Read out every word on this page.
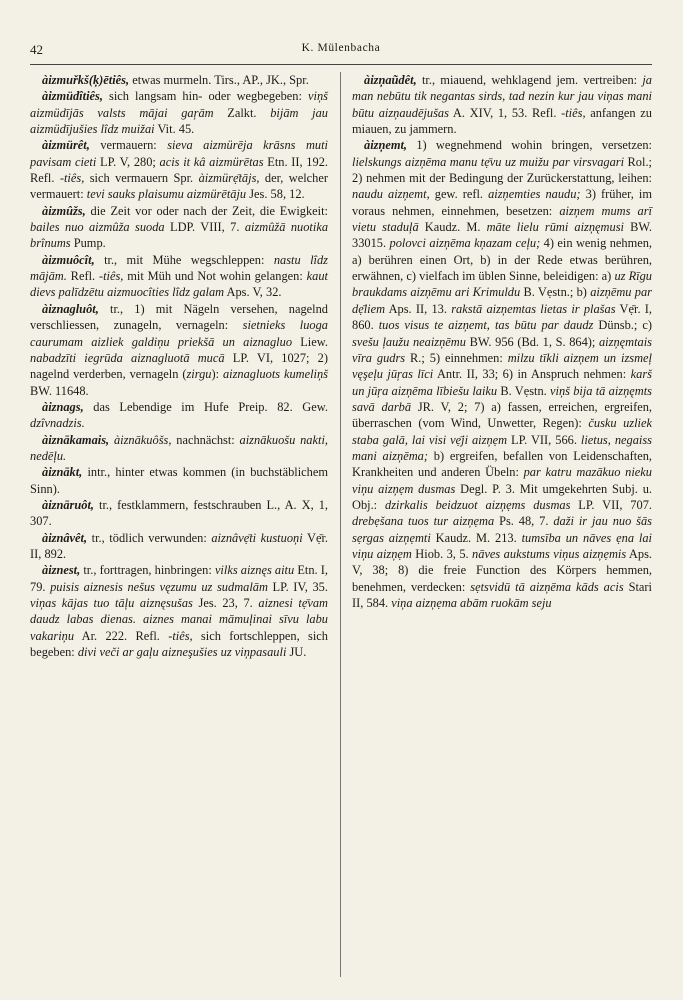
42	K. Mülenbacha

àizmuřkš(ķ)ētiês, etwas murmeln. Tirs., AP., JK., Spr.

àizmüdîtiês, sich langsam hin- oder wegbegeben: viņš aizmüdījās valsts mājai gaŗām Zalkt. bijām jau aizmüdījušies lîdz muižai Vit. 45.

àizmürêt, vermauern: sieva aizmürēja krāsns muti pavisam cieti LP. V, 280; acis it kâ aizmürētas Etn. II, 192. Refl. -tiês, sich vermauern Spr. àizmürẹ̄tājs, der, welcher vermauert: tevi sauks plaisumu aizmürētāju Jes. 58, 12.

àizmûžs, die Zeit vor oder nach der Zeit, die Ewigkeit: bailes nuo aizmûža suoda LDP. VIII, 7. aizmûžā nuotika brînums Pump.

àizmuôcît, tr., mit Mühe wegschleppen: nastu lîdz mājām. Refl. -tiês, mit Müh und Not wohin gelangen: kaut dievs palīdzētu aizmuocîties lîdz galam Aps. V, 32.

àiznagluôt, tr., 1) mit Nägeln versehen, nagelnd verschliessen, zunageln, vernageln: sietnieks luoga caurumam aizliek galdiņu priekšā un aiznagluo Liew. nabadzīti iegrūda aiznagluotā mucā LP. VI, 1027; 2) nagelnd verderben, vernageln (zirgu): aiznagluots kumeliņš BW. 11648.

àiznags, das Lebendige im Hufe Preip. 82. Gew. dzîvnadzis.

àiznākamais, àiznākuôšs, nachnächst: aiznākuošu nakti, nedēļu.

àiznākt, intr., hinter etwas kommen (in buchstäblichem Sinn).

àiznāruôt, tr., festklammern, festschrauben L., A. X, 1, 307.

àiznâvêt, tr., tödlich verwunden: aiznâvẹ̄ti kustuoņi Vẹ̄r. II, 892.

àiznest, tr., forttragen, hinbringen: vilks aiznęs aitu Etn. I, 79. puisis aiznesis nešus vęzumu uz sudmalām LP. IV, 35. viņas kājas tuo tāļu aiznęsušas Jes. 23, 7. aiznesi tẹ̄vam daudz labas dienas. aiznes manai māmuļinai sīvu labu vakariņu Ar. 222. Refl. -tiês, sich fortschleppen, sich begeben: divi veči ar gaļu aizneşušies uz viņpasauli JU.

àizņaũdêt, tr., miauend, wehklagend jem. vertreiben: ja man nebūtu tik negantas sirds, tad nezin kur jau viņas mani būtu aizņaudējušas A. XIV, 1, 53. Refl. -tiês, anfangen zu miauen, zu jammern.

àizņemt, 1) wegnehmend wohin bringen, versetzen: lielskungs aizņēma manu tẹ̄vu uz muižu par virsvagari Rol.; 2) nehmen mit der Bedingung der Zurückerstattung, leihen: naudu aizņemt, gew. refl. aizņemties naudu; 3) früher, im voraus nehmen, einnehmen, besetzen: aizņem mums arī vietu staduļā Kaudz. M. māte lielu rūmi aizņęmusi BW. 33015. polovci aizņēma kņazam ceļu; 4) ein wenig nehmen, a) berühren einen Ort, b) in der Rede etwas berühren, erwähnen, c) vielfach im üblen Sinne, beleidigen: a) uz Rīgu braukdams aizņēmu ari Krimuldu B. Vẹstn.; b) aizņēmu par dẹ̄liem Aps. II, 13. rakstā aizņemtas lietas ir plašas Vẹ̄r. I, 860. tuos visus te aizņemt, tas būtu par daudz Dünsb.; c) svešu ļaužu neaizņēmu BW. 956 (Bd. 1, S. 864); aizņęmtais vīra gudrs R.; 5) einnehmen: milzu tīkli aizņem un izsmeļ vęşeļu jūŗas līci Antr. II, 33; 6) in Anspruch nehmen: karš un jūŗa aizņēma lībiešu laiku B. Vẹstn. viņš bija tā aizņęmts savā darbā JR. V, 2; 7) a) fassen, erreichen, ergreifen, überraschen (vom Wind, Unwetter, Regen): čusku uzliek staba galā, lai visi vẹ̄ji aizņẹm LP. VII, 566. lietus, negaiss mani aizņēma; b) ergreifen, befallen von Leidenschaften, Krankheiten und anderen Übeln: par katru mazākuo nieku viņu aizņẹm dusmas Degl. P. 3. Mit umgekehrten Subj. u. Obj.: dzirkalis beidzuot aizņẹms dusmas LP. VII, 707. drebẹšana tuos tur aizņẹma Ps. 48, 7. daži ir jau nuo šās sẹrgas aizņẹmti Kaudz. M. 213. tumsība un nāves ẹna lai viņu aizņẹm Hiob. 3, 5. nāves aukstums viņus aizņẹmis Aps. V, 38; 8) die freie Function des Körpers hemmen, benehmen, verdecken: sẹtsvidū tā aizņēma kāds acis Stari II, 584. viņa aizņẹma abām ruokām seju
